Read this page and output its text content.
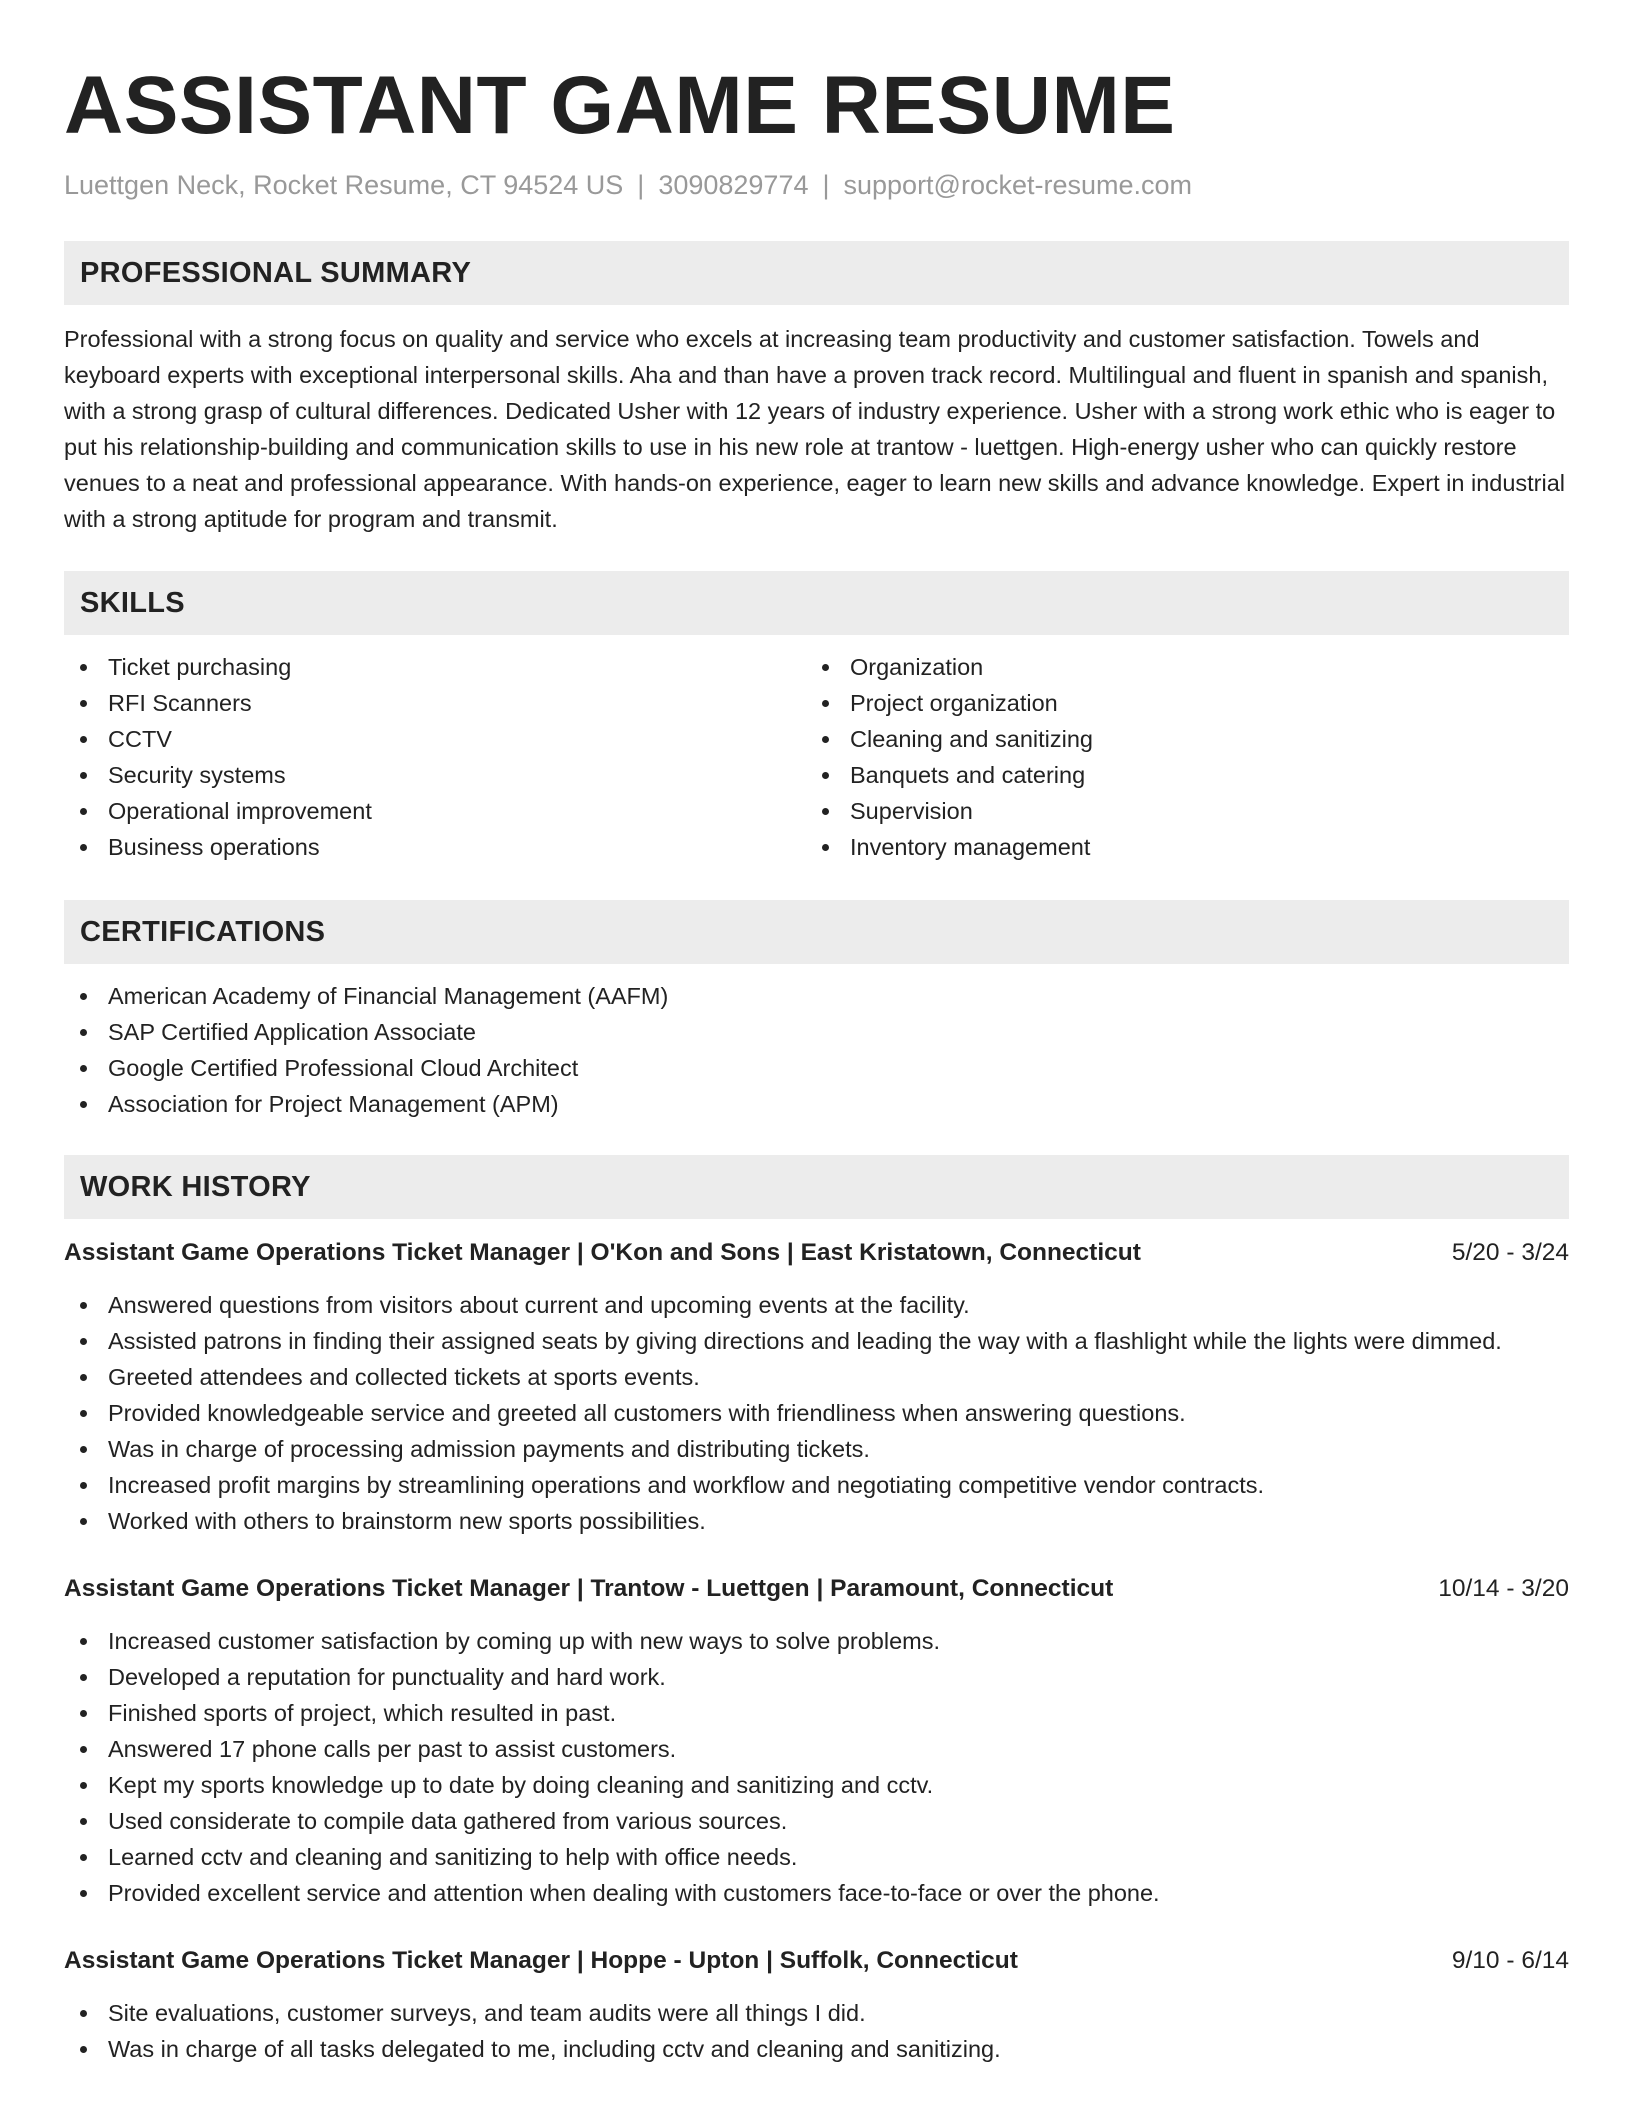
ASSISTANT GAME RESUME
Luettgen Neck, Rocket Resume, CT 94524 US | 3090829774 | support@rocket-resume.com
PROFESSIONAL SUMMARY

Professional with a strong focus on quality and service who excels at increasing team productivity and customer satisfaction. Towels and keyboard experts with exceptional interpersonal skills. Aha and than have a proven track record. Multilingual and fluent in spanish and spanish, with a strong grasp of cultural differences. Dedicated Usher with 12 years of industry experience. Usher with a strong work ethic who is eager to put his relationship-building and communication skills to use in his new role at trantow - luettgen. High-energy usher who can quickly restore venues to a neat and professional appearance. With hands-on experience, eager to learn new skills and advance knowledge. Expert in industrial with a strong aptitude for program and transmit.

SKILLS
Ticket purchasing
RFI Scanners
CCTV
Security systems
Operational improvement
Business operations
Organization
Project organization
Cleaning and sanitizing
Banquets and catering
Supervision
Inventory management
CERTIFICATIONS
American Academy of Financial Management (AAFM)
SAP Certified Application Associate
Google Certified Professional Cloud Architect
Association for Project Management (APM)
WORK HISTORY
Assistant Game Operations Ticket Manager | O'Kon and Sons | East Kristatown, Connecticut	5/20 - 3/24
Answered questions from visitors about current and upcoming events at the facility.
Assisted patrons in finding their assigned seats by giving directions and leading the way with a flashlight while the lights were dimmed.
Greeted attendees and collected tickets at sports events.
Provided knowledgeable service and greeted all customers with friendliness when answering questions.
Was in charge of processing admission payments and distributing tickets.
Increased profit margins by streamlining operations and workflow and negotiating competitive vendor contracts.
Worked with others to brainstorm new sports possibilities.
Assistant Game Operations Ticket Manager | Trantow - Luettgen | Paramount, Connecticut	10/14 - 3/20
Increased customer satisfaction by coming up with new ways to solve problems.
Developed a reputation for punctuality and hard work.
Finished sports of project, which resulted in past.
Answered 17 phone calls per past to assist customers.
Kept my sports knowledge up to date by doing cleaning and sanitizing and cctv.
Used considerate to compile data gathered from various sources.
Learned cctv and cleaning and sanitizing to help with office needs.
Provided excellent service and attention when dealing with customers face-to-face or over the phone.
Assistant Game Operations Ticket Manager | Hoppe - Upton | Suffolk, Connecticut	9/10 - 6/14
Site evaluations, customer surveys, and team audits were all things I did.
Was in charge of all tasks delegated to me, including cctv and cleaning and sanitizing.
